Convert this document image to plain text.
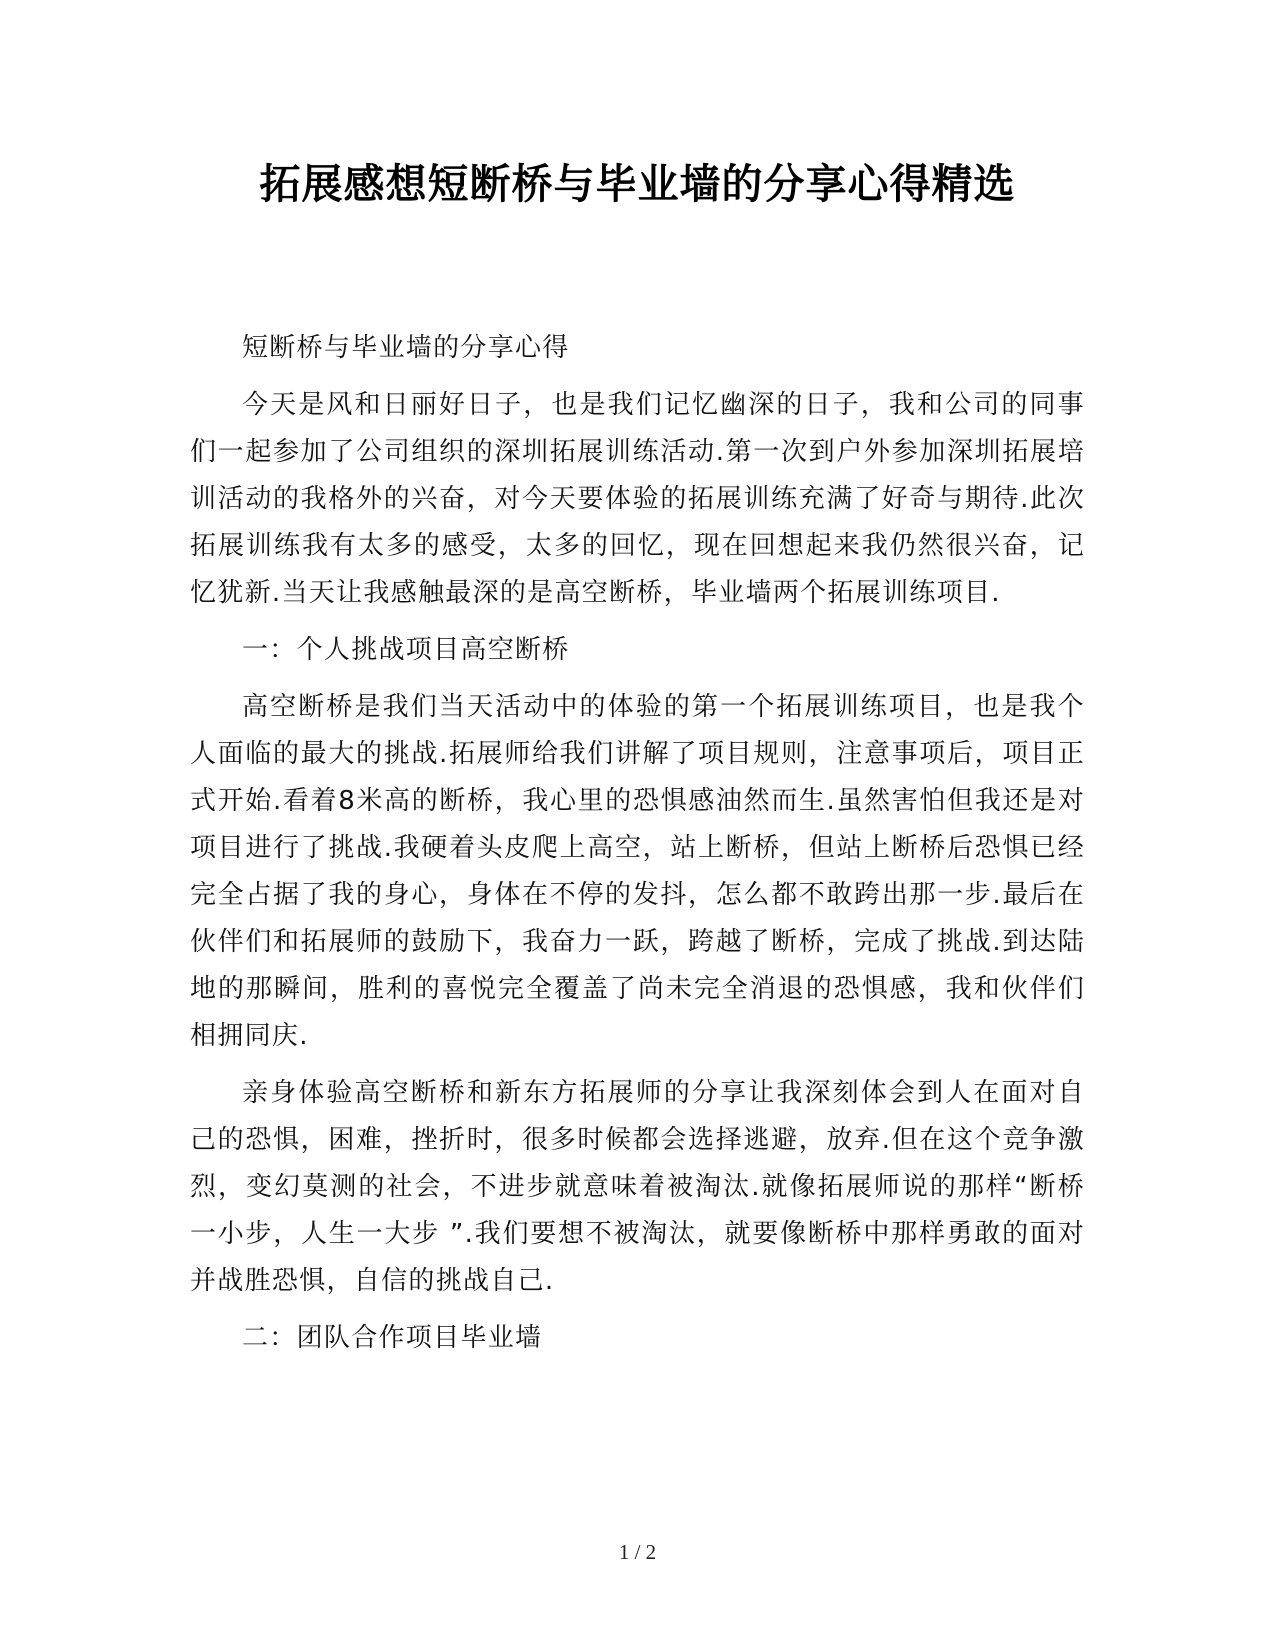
拓展感想短断桥与毕业墙的分享心得精选

短断桥与毕业墙的分享心得

今天是风和日丽好日子，也是我们记忆幽深的日子，我和公司的同事们一起参加了公司组织的深圳拓展训练活动.第一次到户外参加深圳拓展培训活动的我格外的兴奋，对今天要体验的拓展训练充满了好奇与期待.此次拓展训练我有太多的感受，太多的回忆，现在回想起来我仍然很兴奋，记忆犹新.当天让我感触最深的是高空断桥，毕业墙两个拓展训练项目.

一：个人挑战项目高空断桥

高空断桥是我们当天活动中的体验的第一个拓展训练项目，也是我个人面临的最大的挑战.拓展师给我们讲解了项目规则，注意事项后，项目正式开始.看着8米高的断桥，我心里的恐惧感油然而生.虽然害怕但我还是对项目进行了挑战.我硬着头皮爬上高空，站上断桥，但站上断桥后恐惧已经完全占据了我的身心，身体在不停的发抖，怎么都不敢跨出那一步.最后在伙伴们和拓展师的鼓励下，我奋力一跃，跨越了断桥，完成了挑战.到达陆地的那瞬间，胜利的喜悦完全覆盖了尚未完全消退的恐惧感，我和伙伴们相拥同庆.

亲身体验高空断桥和新东方拓展师的分享让我深刻体会到人在面对自己的恐惧，困难，挫折时，很多时候都会选择逃避，放弃.但在这个竞争激烈，变幻莫测的社会，不进步就意味着被淘汰.就像拓展师说的那样“断桥一小步，人生一大步 ”.我们要想不被淘汰，就要像断桥中那样勇敢的面对并战胜恐惧，自信的挑战自己.

二：团队合作项目毕业墙

1 / 2
